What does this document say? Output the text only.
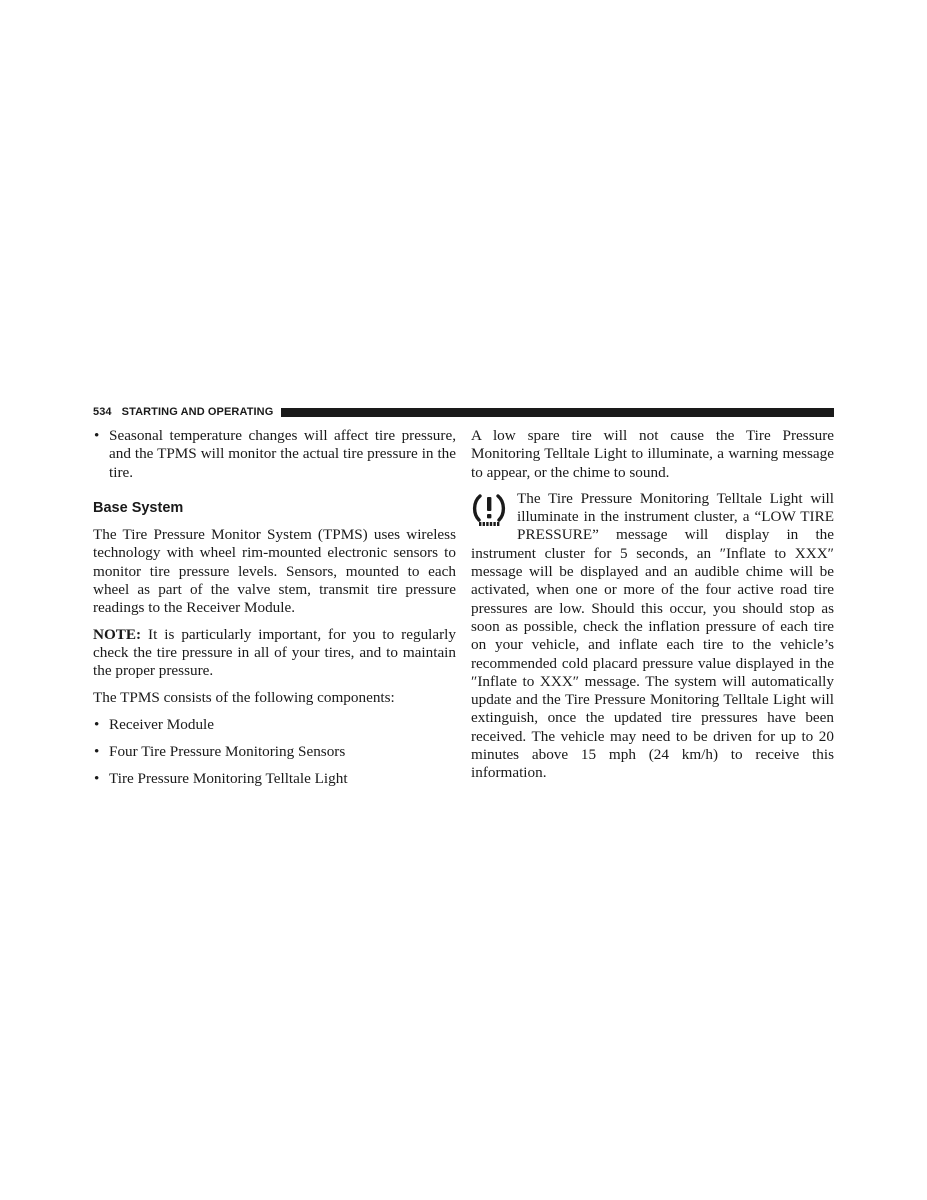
534 STARTING AND OPERATING
• Seasonal temperature changes will affect tire pressure, and the TPMS will monitor the actual tire pressure in the tire.
Base System

The Tire Pressure Monitor System (TPMS) uses wireless technology with wheel rim-mounted electronic sensors to monitor tire pressure levels. Sensors, mounted to each wheel as part of the valve stem, transmit tire pressure readings to the Receiver Module.

NOTE: It is particularly important, for you to regularly check the tire pressure in all of your tires, and to maintain the proper pressure.

The TPMS consists of the following components:

• Receiver Module
• Four Tire Pressure Monitoring Sensors
• Tire Pressure Monitoring Telltale Light

A low spare tire will not cause the Tire Pressure Monitoring Telltale Light to illuminate, a warning message to appear, or the chime to sound.

The Tire Pressure Monitoring Telltale Light will illuminate in the instrument cluster, a “LOW TIRE PRESSURE” message will display in the instrument cluster for 5 seconds, an ″Inflate to XXX″ message will be displayed and an audible chime will be activated, when one or more of the four active road tire pressures are low. Should this occur, you should stop as soon as possible, check the inflation pressure of each tire on your vehicle, and inflate each tire to the vehicle’s recommended cold placard pressure value displayed in the ″Inflate to XXX″ message. The system will automatically update and the Tire Pressure Monitoring Telltale Light will extinguish, once the updated tire pressures have been received. The vehicle may need to be driven for up to 20 minutes above 15 mph (24 km/h) to receive this information.
